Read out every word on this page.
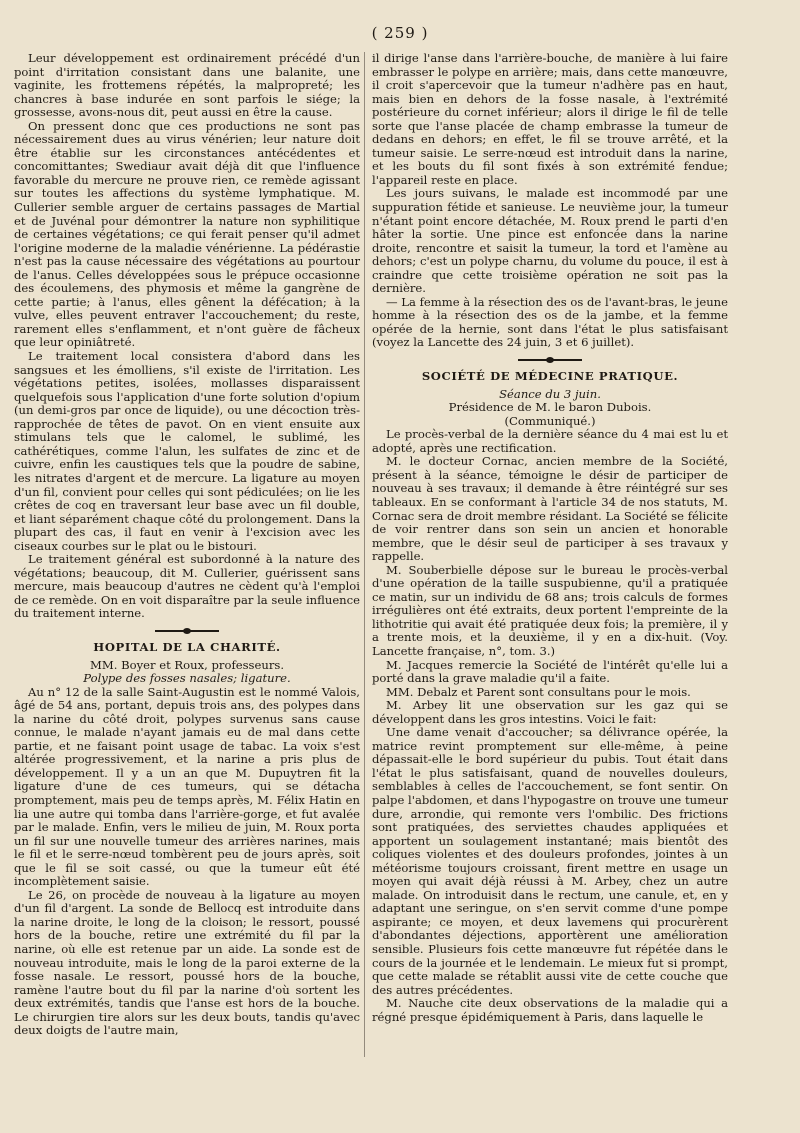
( 259 )

Leur développement est ordinairement précédé d'un point d'irritation consistant dans une balanite, une vaginite, les frottemens répétés, la malpropreté; les chancres à base indurée en sont parfois le siége; la grossesse, avons-nous dit, peut aussi en être la cause.

On pressent donc que ces productions ne sont pas nécessairement dues au virus vénérien; leur nature doit être établie sur les circonstances antécédentes et concomittantes; Swediaur avait déjà dit que l'influence favorable du mercure ne prouve rien, ce remède agissant sur toutes les affections du système lymphatique. M. Cullerier semble arguer de certains passages de Martial et de Juvénal pour démontrer la nature non syphilitique de certaines végétations; ce qui ferait penser qu'il admet l'origine moderne de la maladie vénérienne. La pédérastie n'est pas la cause nécessaire des végétations au pourtour de l'anus. Celles développées sous le prépuce occasionne des écoulemens, des phymosis et même la gangrène de cette partie; à l'anus, elles gênent la défécation; à la vulve, elles peuvent entraver l'accouchement; du reste, rarement elles s'enflamment, et n'ont guère de fâcheux que leur opiniâtreté.

Le traitement local consistera d'abord dans les sangsues et les émolliens, s'il existe de l'irritation. Les végétations petites, isolées, mollasses disparaissent quelquefois sous l'application d'une forte solution d'opium (un demi-gros par once de liquide), ou une décoction très-rapprochée de têtes de pavot. On en vient ensuite aux stimulans tels que le calomel, le sublimé, les cathérétiques, comme l'alun, les sulfates de zinc et de cuivre, enfin les caustiques tels que la poudre de sabine, les nitrates d'argent et de mercure. La ligature au moyen d'un fil, convient pour celles qui sont pédiculées; on lie les crêtes de coq en traversant leur base avec un fil double, et liant séparément chaque côté du prolongement. Dans la plupart des cas, il faut en venir à l'excision avec les ciseaux courbes sur le plat ou le bistouri.

Le traitement général est subordonné à la nature des végétations; beaucoup, dit M. Cullerier, guérissent sans mercure, mais beaucoup d'autres ne cèdent qu'à l'emploi de ce remède. On en voit disparaître par la seule influence du traitement interne.

HOPITAL DE LA CHARITÉ.

MM. Boyer et Roux, professeurs.

Polype des fosses nasales; ligature.

Au n° 12 de la salle Saint-Augustin est le nommé Valois, âgé de 54 ans, portant, depuis trois ans, des polypes dans la narine du côté droit, polypes survenus sans cause connue, le malade n'ayant jamais eu de mal dans cette partie, et ne faisant point usage de tabac. La voix s'est altérée progressivement, et la narine a pris plus de développement. Il y a un an que M. Dupuytren fit la ligature d'une de ces tumeurs, qui se détacha promptement, mais peu de temps après, M. Félix Hatin en lia une autre qui tomba dans l'arrière-gorge, et fut avalée par le malade. Enfin, vers le milieu de juin, M. Roux porta un fil sur une nouvelle tumeur des arrières narines, mais le fil et le serre-nœud tombèrent peu de jours après, soit que le fil se soit cassé, ou que la tumeur eût été incomplètement saisie.

Le 26, on procède de nouveau à la ligature au moyen d'un fil d'argent. La sonde de Bellocq est introduite dans la narine droite, le long de la cloison; le ressort, poussé hors de la bouche, retire une extrémité du fil par la narine, où elle est retenue par un aide. La sonde est de nouveau introduite, mais le long de la paroi externe de la fosse nasale. Le ressort, poussé hors de la bouche, ramène l'autre bout du fil par la narine d'où sortent les deux extrémités, tandis que l'anse est hors de la bouche. Le chirurgien tire alors sur les deux bouts, tandis qu'avec deux doigts de l'autre main,

il dirige l'anse dans l'arrière-bouche, de manière à lui faire embrasser le polype en arrière; mais, dans cette manœuvre, il croit s'apercevoir que la tumeur n'adhère pas en haut, mais bien en dehors de la fosse nasale, à l'extrémité postérieure du cornet inférieur; alors il dirige le fil de telle sorte que l'anse placée de champ embrasse la tumeur de dedans en dehors; en effet, le fil se trouve arrêté, et la tumeur saisie. Le serre-nœud est introduit dans la narine, et les bouts du fil sont fixés à son extrémité fendue; l'appareil reste en place.

Les jours suivans, le malade est incommodé par une suppuration fétide et sanieuse. Le neuvième jour, la tumeur n'étant point encore détachée, M. Roux prend le parti d'en hâter la sortie. Une pince est enfoncée dans la narine droite, rencontre et saisit la tumeur, la tord et l'amène au dehors; c'est un polype charnu, du volume du pouce, il est à craindre que cette troisième opération ne soit pas la dernière.

— La femme à la résection des os de l'avant-bras, le jeune homme à la résection des os de la jambe, et la femme opérée de la hernie, sont dans l'état le plus satisfaisant (voyez la Lancette des 24 juin, 3 et 6 juillet).

SOCIÉTÉ DE MÉDECINE PRATIQUE.

Séance du 3 juin.

Présidence de M. le baron Dubois.

(Communiqué.)

Le procès-verbal de la dernière séance du 4 mai est lu et adopté, après une rectification.

M. le docteur Cornac, ancien membre de la Société, présent à la séance, témoigne le désir de participer de nouveau à ses travaux; il demande à être réintégré sur ses tableaux. En se conformant à l'article 34 de nos statuts, M. Cornac sera de droit membre résidant. La Société se félicite de voir rentrer dans son sein un ancien et honorable membre, que le désir seul de participer à ses travaux y rappelle.

M. Souberbielle dépose sur le bureau le procès-verbal d'une opération de la taille suspubienne, qu'il a pratiquée ce matin, sur un individu de 68 ans; trois calculs de formes irrégulières ont été extraits, deux portent l'empreinte de la lithotritie qui avait été pratiquée deux fois; la première, il y a trente mois, et la deuxième, il y en a dix-huit. (Voy. Lancette française, n°, tom. 3.)

M. Jacques remercie la Société de l'intérêt qu'elle lui a porté dans la grave maladie qu'il a faite.

MM. Debalz et Parent sont consultans pour le mois.

M. Arbey lit une observation sur les gaz qui se développent dans les gros intestins. Voici le fait:

Une dame venait d'accoucher; sa délivrance opérée, la matrice revint promptement sur elle-même, à peine dépassait-elle le bord supérieur du pubis. Tout était dans l'état le plus satisfaisant, quand de nouvelles douleurs, semblables à celles de l'accouchement, se font sentir. On palpe l'abdomen, et dans l'hypogastre on trouve une tumeur dure, arrondie, qui remonte vers l'ombilic. Des frictions sont pratiquées, des serviettes chaudes appliquées et apportent un soulagement instantané; mais bientôt des coliques violentes et des douleurs profondes, jointes à un météorisme toujours croissant, firent mettre en usage un moyen qui avait déjà réussi à M. Arbey, chez un autre malade. On introduisit dans le rectum, une canule, et, en y adaptant une seringue, on s'en servit comme d'une pompe aspirante; ce moyen, et deux lavemens qui procurèrent d'abondantes déjections, apportèrent une amélioration sensible. Plusieurs fois cette manœuvre fut répétée dans le cours de la journée et le lendemain. Le mieux fut si prompt, que cette malade se rétablit aussi vite de cette couche que des autres précédentes.

M. Nauche cite deux observations de la maladie qui a régné presque épidémiquement à Paris, dans laquelle le
